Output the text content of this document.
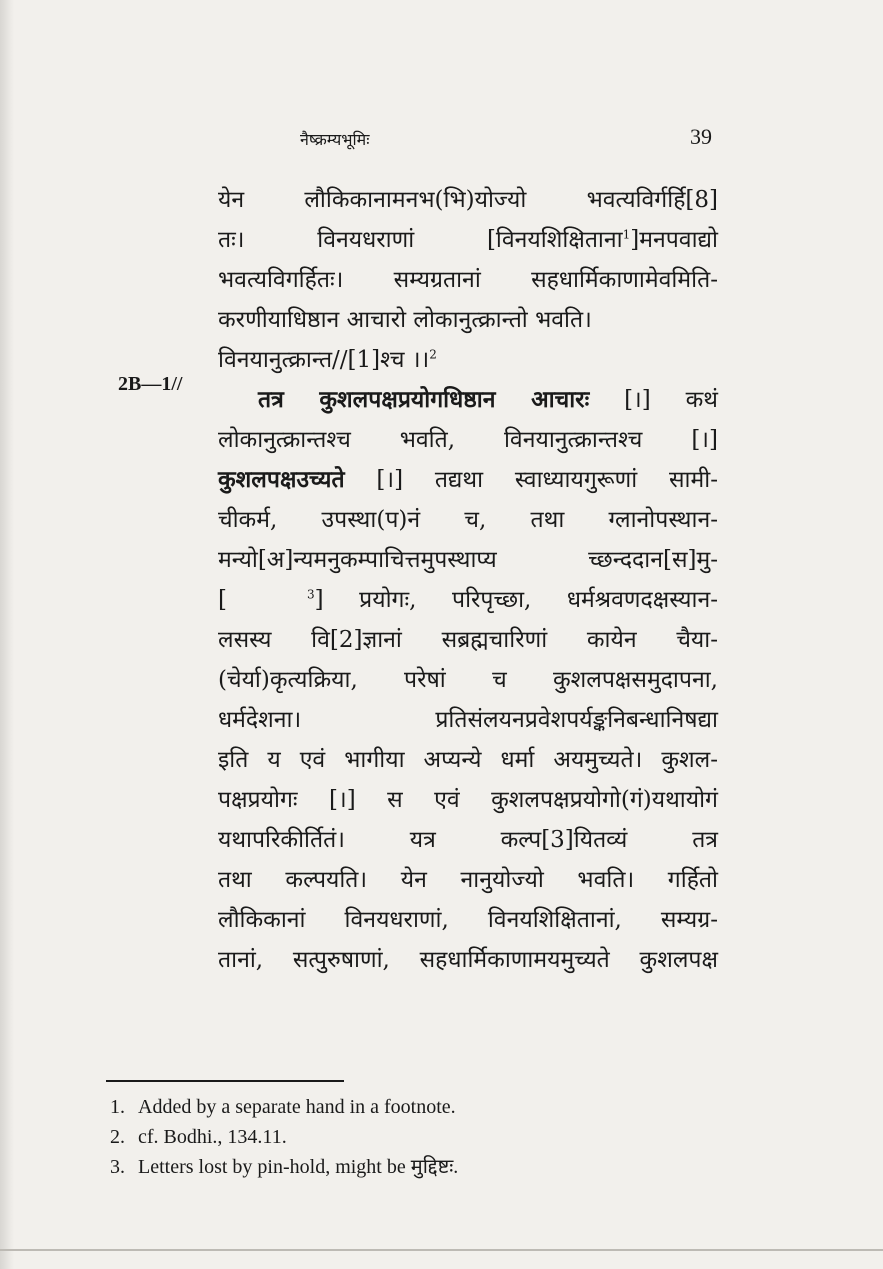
नैष्क्रम्यभूमिः	39
2B—1//
येन लौकिकानामनभ(भि)योज्यो भवत्यविर्गर्हि[8]
तः। विनयधराणां [विनयशिक्षिताना$^1$]मनपवाद्यो
भवत्यविगर्हितः। सम्यग्रतानां सहधार्मिकाणामेवमिति-
करणीयाधिष्ठान आचारो लोकानुत्क्रान्तो भवति।
विनयानुत्क्रान्त//[1]श्च ।।$^2$
तत्र कुशलपक्षप्रयोगधिष्ठान आचारः [।] कथं
लोकानुत्क्रान्तश्च भवति, विनयानुत्क्रान्तश्च [।]
कुशलपक्षउच्यते [।] तद्यथा स्वाध्यायगुरूणां सामी-
चीकर्म, उपस्था(प)नं च, तथा ग्लानोपस्थान-
मन्यो[अ]न्यमनुकम्पाचित्तमुपस्थाप्य च्छन्ददान[स]मु-
[	$^3$] प्रयोगः, परिपृच्छा, धर्मश्रवणदक्षस्यान-
लसस्य वि[2]ज्ञानां सब्रह्मचारिणां कायेन चैया-
(चेर्या)कृत्यक्रिया, परेषां च कुशलपक्षसमुदापना,
धर्मदेशना। प्रतिसंलयनप्रवेशपर्यङ्कनिबन्धानिषद्या
इति य एवं भागीया अप्यन्ये धर्मा अयमुच्यते। कुशल-
पक्षप्रयोगः [।] स एवं कुशलपक्षप्रयोगो(गं)यथायोगं
यथापरिकीर्तितं। यत्र कल्प[3]यितव्यं तत्र
तथा कल्पयति। येन नानुयोज्यो भवति। गर्हितो
लौकिकानां विनयधराणां, विनयशिक्षितानां, सम्यग्र-
तानां, सत्पुरुषाणां, सहधार्मिकाणामयमुच्यते कुशलपक्ष
1. Added by a separate hand in a footnote.
2. cf. Bodhi., 134.11.
3. Letters lost by pin-hold, might be मुद्दिष्टः.
